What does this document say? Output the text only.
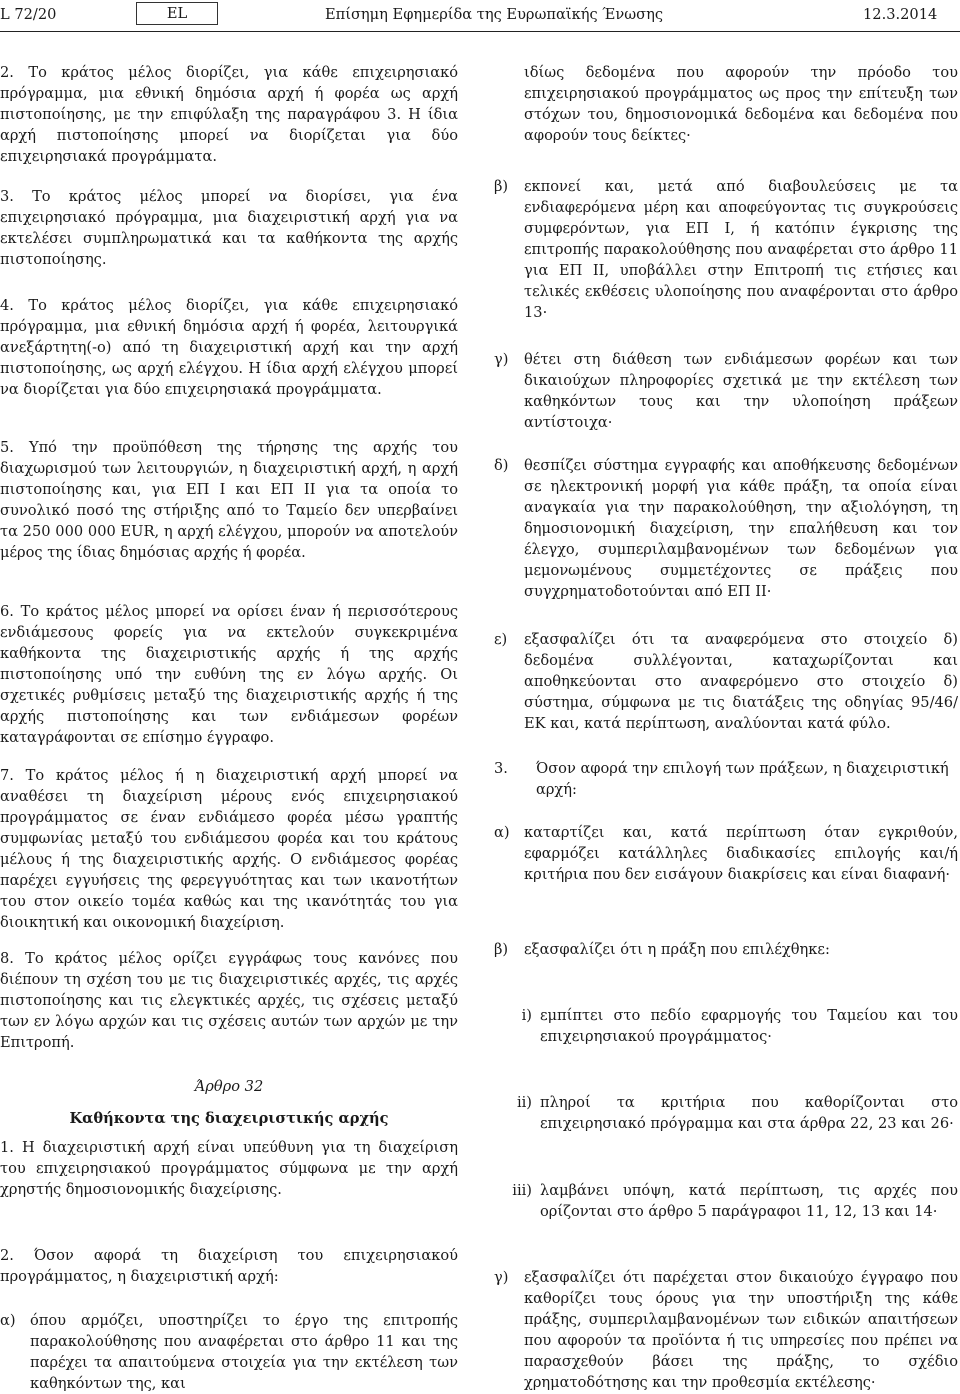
L 72/20	EL	Επίσημη Εφημερίδα της Ευρωπαϊκής Ένωσης	12.3.2014

2. Το κράτος μέλος διορίζει, για κάθε επιχειρησιακό πρόγραμμα, μια εθνική δημόσια αρχή ή φορέα ως αρχή πιστοποίησης, με την επιφύλαξη της παραγράφου 3. Η ίδια αρχή πιστοποίησης μπορεί να διορίζεται για δύο επιχειρησιακά προγράμματα.

3. Το κράτος μέλος μπορεί να διορίσει, για ένα επιχειρησιακό πρόγραμμα, μια διαχειριστική αρχή για να εκτελέσει συμπληρωματικά και τα καθήκοντα της αρχής πιστοποίησης.

4. Το κράτος μέλος διορίζει, για κάθε επιχειρησιακό πρόγραμμα, μια εθνική δημόσια αρχή ή φορέα, λειτουργικά ανεξάρτητη(-ο) από τη διαχειριστική αρχή και την αρχή πιστοποίησης, ως αρχή ελέγχου. Η ίδια αρχή ελέγχου μπορεί να διορίζεται για δύο επιχειρησιακά προγράμματα.

5. Υπό την προϋπόθεση της τήρησης της αρχής του διαχωρισμού των λειτουργιών, η διαχειριστική αρχή, η αρχή πιστοποίησης και, για ΕΠ I και ΕΠ II για τα οποία το συνολικό ποσό της στήριξης από το Ταμείο δεν υπερβαίνει τα 250 000 000 EUR, η αρχή ελέγχου, μπορούν να αποτελούν μέρος της ίδιας δημόσιας αρχής ή φορέα.

6. Το κράτος μέλος μπορεί να ορίσει έναν ή περισσότερους ενδιάμεσους φορείς για να εκτελούν συγκεκριμένα καθήκοντα της διαχειριστικής αρχής ή της αρχής πιστοποίησης υπό την ευθύνη της εν λόγω αρχής. Οι σχετικές ρυθμίσεις μεταξύ της διαχειριστικής αρχής ή της αρχής πιστοποίησης και των ενδιάμεσων φορέων καταγράφονται σε επίσημο έγγραφο.

7. Το κράτος μέλος ή η διαχειριστική αρχή μπορεί να αναθέσει τη διαχείριση μέρους ενός επιχειρησιακού προγράμματος σε έναν ενδιάμεσο φορέα μέσω γραπτής συμφωνίας μεταξύ του ενδιάμεσου φορέα και του κράτους μέλους ή της διαχειριστικής αρχής. Ο ενδιάμεσος φορέας παρέχει εγγυήσεις της φερεγγυότητας και των ικανοτήτων του στον οικείο τομέα καθώς και της ικανότητάς του για διοικητική και οικονομική διαχείριση.

8. Το κράτος μέλος ορίζει εγγράφως τους κανόνες που διέπουν τη σχέση του με τις διαχειριστικές αρχές, τις αρχές πιστοποίησης και τις ελεγκτικές αρχές, τις σχέσεις μεταξύ των εν λόγω αρχών και τις σχέσεις αυτών των αρχών με την Επιτροπή.

Άρθρο 32

Καθήκοντα της διαχειριστικής αρχής

1. Η διαχειριστική αρχή είναι υπεύθυνη για τη διαχείριση του επιχειρησιακού προγράμματος σύμφωνα με την αρχή χρηστής δημοσιονομικής διαχείρισης.

2. Όσον αφορά τη διαχείριση του επιχειρησιακού προγράμματος, η διαχειριστική αρχή:

α) όπου αρμόζει, υποστηρίζει το έργο της επιτροπής παρακολούθησης που αναφέρεται στο άρθρο 11 και της παρέχει τα απαιτούμενα στοιχεία για την εκτέλεση των καθηκόντων της, και

ιδίως δεδομένα που αφορούν την πρόοδο του επιχειρησιακού προγράμματος ως προς την επίτευξη των στόχων του, δημοσιονομικά δεδομένα και δεδομένα που αφορούν τους δείκτες·

β)	εκπονεί και, μετά από διαβουλεύσεις με τα ενδιαφερόμενα μέρη και αποφεύγοντας τις συγκρούσεις συμφερόντων, για ΕΠ I, ή κατόπιν έγκρισης της επιτροπής παρακολούθησης που αναφέρεται στο άρθρο 11 για ΕΠ II, υποβάλλει στην Επιτροπή τις ετήσιες και τελικές εκθέσεις υλοποίησης που αναφέρονται στο άρθρο 13·
γ)	θέτει στη διάθεση των ενδιάμεσων φορέων και των δικαιούχων πληροφορίες σχετικά με την εκτέλεση των καθηκόντων τους και την υλοποίηση πράξεων αντίστοιχα·
δ)	θεσπίζει σύστημα εγγραφής και αποθήκευσης δεδομένων σε ηλεκτρονική μορφή για κάθε πράξη, τα οποία είναι αναγκαία για την παρακολούθηση, την αξιολόγηση, τη δημοσιονομική διαχείριση, την επαλήθευση και τον έλεγχο, συμπεριλαμβανομένων των δεδομένων για μεμονωμένους συμμετέχοντες σε πράξεις που συγχρηματοδοτούνται από ΕΠ II·
ε)	εξασφαλίζει ότι τα αναφερόμενα στο στοιχείο δ) δεδομένα συλλέγονται, καταχωρίζονται και αποθηκεύονται στο αναφερόμενο στο στοιχείο δ) σύστημα, σύμφωνα με τις διατάξεις της οδηγίας 95/46/ΕΚ και, κατά περίπτωση, αναλύονται κατά φύλο.
3.	Όσον αφορά την επιλογή των πράξεων, η διαχειριστική αρχή:
α) καταρτίζει και, κατά περίπτωση όταν εγκριθούν, εφαρμόζει κατάλληλες διαδικασίες επιλογής και/ή κριτήρια που δεν εισάγουν διακρίσεις και είναι διαφανή·
β)	εξασφαλίζει ότι η πράξη που επιλέχθηκε:
i) εμπίπτει στο πεδίο εφαρμογής του Ταμείου και του επιχειρησιακού προγράμματος·
ii) πληροί τα κριτήρια που καθορίζονται στο επιχειρησιακό πρόγραμμα και στα άρθρα 22, 23 και 26·
iii) λαμβάνει υπόψη, κατά περίπτωση, τις αρχές που ορίζονται στο άρθρο 5 παράγραφοι 11, 12, 13 και 14·
γ)	εξασφαλίζει ότι παρέχεται στον δικαιούχο έγγραφο που καθορίζει τους όρους για την υποστήριξη της κάθε πράξης, συμπεριλαμβανομένων των ειδικών απαιτήσεων που αφορούν τα προϊόντα ή τις υπηρεσίες που πρέπει να παρασχεθούν βάσει της πράξης, το σχέδιο χρηματοδότησης και την προθεσμία εκτέλεσης·
